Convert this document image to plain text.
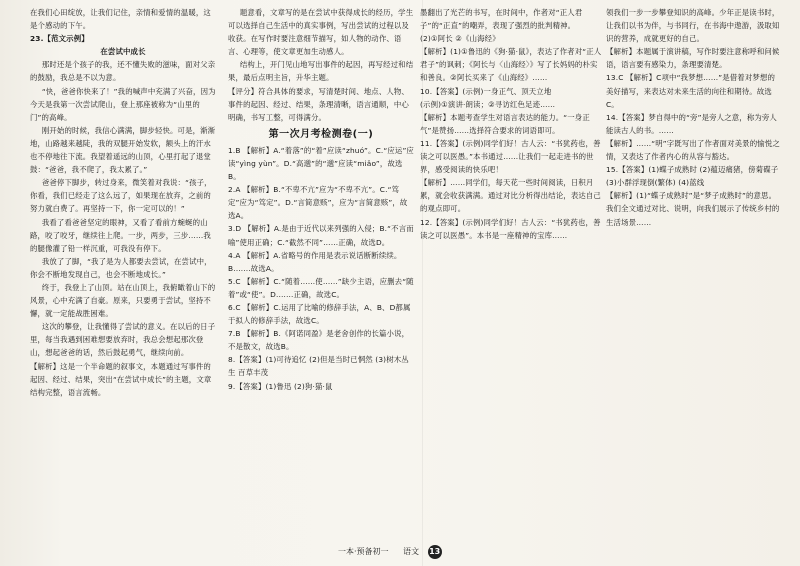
在我们心田绽放，让我们记住，亲情和爱情的温暖，这是个感动的下午。

23.【范文示例】

在尝试中成长

那时还是个孩子的我，还不懂失败的滋味，面对父亲的鼓励，我总是不以为意。

“快，爸爸你快来了！”我的喊声中充满了兴奋，因为今天是我第一次尝试爬山，登上那座被称为“山里的门”的高峰。

刚开始的时候，我信心满满，脚步轻快。可是，渐渐地，山路越来越陡，我的双腿开始发软，额头上的汗水也不停地往下流。我望着遥远的山顶，心里打起了退堂鼓：“爸爸，我不爬了，我太累了。”

爸爸停下脚步，转过身来，微笑着对我说：“孩子，你看，我们已经走了这么远了，如果现在放弃，之前的努力就白费了。再坚持一下，你一定可以的！”

我看了看爸爸坚定的眼神，又看了看前方蜿蜒的山路，咬了咬牙，继续往上爬。一步，两步，三步……我的腿像灌了铅一样沉重，可我没有停下。

我放了了脚，“我了是为人都要去尝试，在尝试中，你会不断地发现自己，也会不断地成长。”

终于，我登上了山顶。站在山顶上，我俯瞰着山下的风景，心中充满了自豪。原来，只要勇于尝试，坚持不懈，就一定能战胜困难。

这次的攀登，让我懂得了尝试的意义。在以后的日子里，每当我遇到困难想要放弃时，我总会想起那次登山，想起爸爸的话，然后鼓起勇气，继续向前。

【解析】这是一个半命题的叙事文，本题通过写事件的起因、经过、结果，突出“在尝试中成长”的主题，文章结构完整，语言流畅。

题意看，文章写的是在尝试中获得成长的经历，学生可以选择自己生活中的真实事例，写出尝试的过程以及收获。在写作时要注意细节描写，如人物的动作、语言、心理等，使文章更加生动感人。

结构上，开门见山地写出事件的起因，再写经过和结果，最后点明主旨，升华主题。

【评分】符合具体的要求，写清楚时间、地点、人物、事件的起因、经过、结果，条理清晰，语言通顺，中心明确，书写工整，可得满分。

第一次月考检测卷(一)

1.B 【解析】A.“着落”的“着”应读“zhuó”。C.“应运”应读“yìng yùn”。D.“高邈”的“邈”应读“miǎo”，故选B。

2.A 【解析】B.“不卑不亢”应为“不卑不亢”。C.“笃定”应为“笃定”。D.“言简意赅”，应为“言简意赅”，故选A。

3.D 【解析】A.是由于近代以来列强的入侵；B.“不言而喻”使用正确；C.“截然不同”……正确，故选D。

4.A 【解析】A.省略号的作用是表示说话断断续续。B.……故选A。

5.C 【解析】C.“随着……使……”缺少主语，应删去“随着”或“使”。D.……正确，故选C。

6.C 【解析】C.运用了比喻的修辞手法，A、B、D都属于拟人的修辞手法，故选C。

7.B 【解析】B.《阿诺同盈》是老舍创作的长篇小说，不是散文，故选B。

8.【答案】(1)可待追忆 (2)但是当时已惘然 (3)树木丛生 百草丰茂

9.【答案】(1)鲁迅 (2)狗·猫·鼠

墨翻出了光芒的书写，在时间中，作者对“正人君子”的“正直”的嘲弄，表现了强烈的批判精神。

(2)①阿长 ②《山海经》

【解析】(1)①鲁迅的《狗·猫·鼠》，表达了作者对“正人君子”的讽刺；《阿长与〈山海经〉》写了长妈妈的朴实和善良。②阿长买来了《山海经》……

10.【答案】(示例)一身正气、顶天立地

(示例)①演讲·朗读；②寻访红色足迹……

【解析】本题考查学生对语言表达的能力。“一身正气”是赞扬……选择符合要求的词语即可。

11.【答案】(示例)同学们好！古人云：“书犹药也，善读之可以医愚。”本书通过……让我们一起走进书的世界，感受阅读的快乐吧！

【解析】……同学们，每天花一些时间阅读，日积月累，就会收获满满。通过对比分析得出结论，表达自己的观点即可。

12.【答案】(示例)同学们好！古人云：“书犹药也，善读之可以医愚”。本书是一座精神的宝库……

领我们一步一步攀登知识的高峰。少年正是读书时，让我们以书为伴，与书同行，在书海中遨游，汲取知识的营养，成就更好的自己。

【解析】本题属于演讲稿，写作时要注意称呼和问候语，语言要有感染力，条理要清楚。

13.C 【解析】C项中“我梦想……”是借着对梦想的美好描写，来表达对未来生活的向往和期待。故选C。

14.【答案】梦自得中的“旁”是旁人之意，称为旁人能读古人的书。……

【解析】……“明”字既写出了作者面对美景的愉悦之情，又表达了作者内心的从容与豁达。

15.【答案】(1)蝶子成熟时 (2)蕴迈痛猪，傍菊碟子 (3)小群浮现倒(繁体) (4)蓝线

【解析】(1)“蝶子成熟时”是“梦子成熟时”的意思。我们全文通过对比、说明，向我们展示了传统乡村的生活场景……

一本·预备初一 语文 13
